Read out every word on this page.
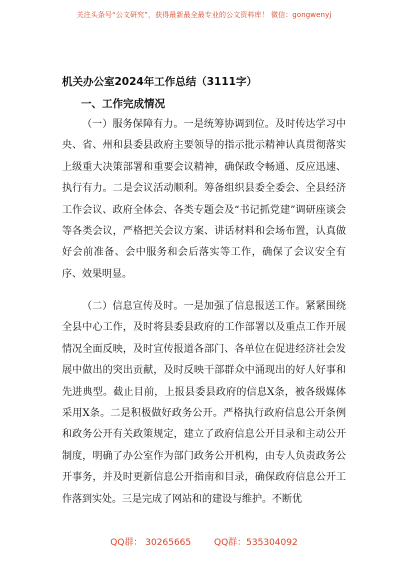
关注头条号“公文研究”，获得最新最全最专业的公文资料库！ 微信：gongwenyj
机关办公室2024年工作总结（3111字）
一、工作完成情况

（一）服务保障有力。一是统筹协调到位。及时传达学习中央、省、州和县委县政府主要领导的指示批示精神认真贯彻落实上级重大决策部署和重要会议精神，确保政令畅通、反应迅速、执行有力。二是会议活动顺利。筹备组织县委全委会、全县经济工作会议、政府全体会、各类专题会及“书记抓党建”调研座谈会等各类会议，严格把关会议方案、讲话材料和会场布置，认真做好会前准备、会中服务和会后落实等工作，确保了会议安全有序、效果明显。

（二）信息宣传及时。一是加强了信息报送工作。紧紧围绕全县中心工作，及时将县委县政府的工作部署以及重点工作开展情况全面反映，及时宣传报道各部门、各单位在促进经济社会发展中做出的突出贡献，及时反映干部群众中涌现出的好人好事和先进典型。截止目前，上报县委县政府的信息X条，被各级媒体采用X条。二是积极做好政务公开。严格执行政府信息公开条例和政务公开有关政策规定，建立了政府信息公开目录和主动公开制度，明确了办公室作为部门政务公开机构，由专人负责政务公开事务，并及时更新信息公开指南和目录，确保政府信息公开工作落到实处。三是完成了网站和的建设与维护。不断优

QQ群： 30265665	QQ群：535304092
